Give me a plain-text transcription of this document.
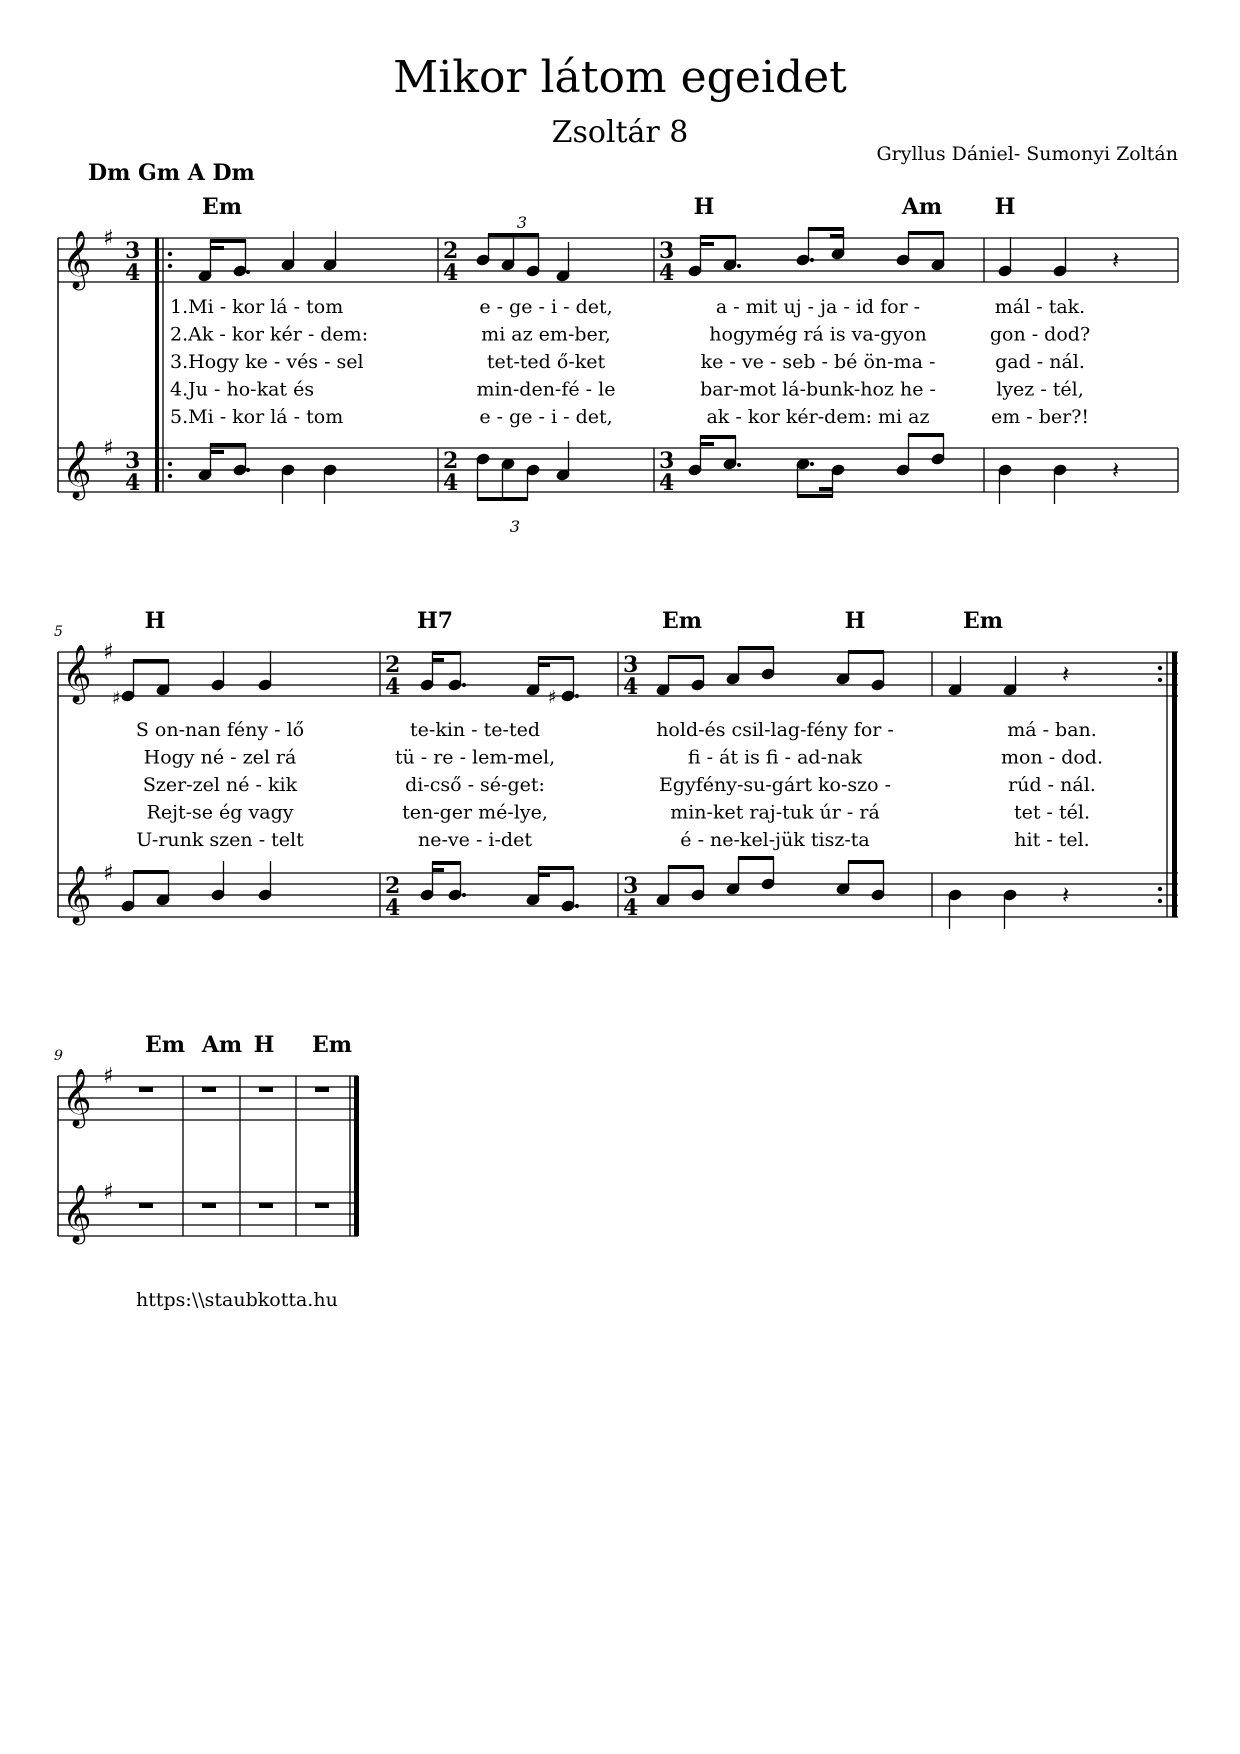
Mikor látom egeidet
Zsoltár 8
Gryllus Dániel- Sumonyi Zoltán
Dm Gm A Dm
𝄞
𝄞
♯
♯
3
4
3
4
2
4
2
4
3
4
3
4
𝄽
3
𝄽
3
5
𝄞
𝄞
♯
♯
2
4
2
4
3
4
3
4
♯	♯
𝄽
𝄽
9
𝄞
𝄞
♯
♯
Em	H	Am H
H	H7	Em	H	Em
Em Am H Em
1.Mi - kor lá - tom	e - ge - i - det,	a - mit uj - ja - id for -	mál - tak.
2.Ak - kor kér - dem:	mi az em-ber,	hogymég rá is va-gyon	gon - dod?
3.Hogy ke - vés - sel	tet-ted ő-ket	ke - ve - seb - bé ön-ma -	gad - nál.
4.Ju - ho-kat és	min-den-fé - le	bar-mot lá-bunk-hoz he -	lyez - tél,
5.Mi - kor lá - tom	e - ge - i - det,	ak - kor kér-dem: mi az	em - ber?!
S on-nan fény - lő	te-kin - te-ted	hold-és csil-lag-fény for -	má - ban.
Hogy né - zel rá	tü - re - lem-mel,	fi - át is fi - ad-nak	mon - dod.
Szer-zel né - kik	di-cső - sé-get:	Egyfény-su-gárt ko-szo -	rúd - nál.
Rejt-se ég vagy	ten-ger mé-lye,	min-ket raj-tuk úr - rá	tet - tél.
U-runk szen - telt	ne-ve - i-det	é - ne-kel-jük tisz-ta	hit - tel.
https:\\staubkotta.hu
